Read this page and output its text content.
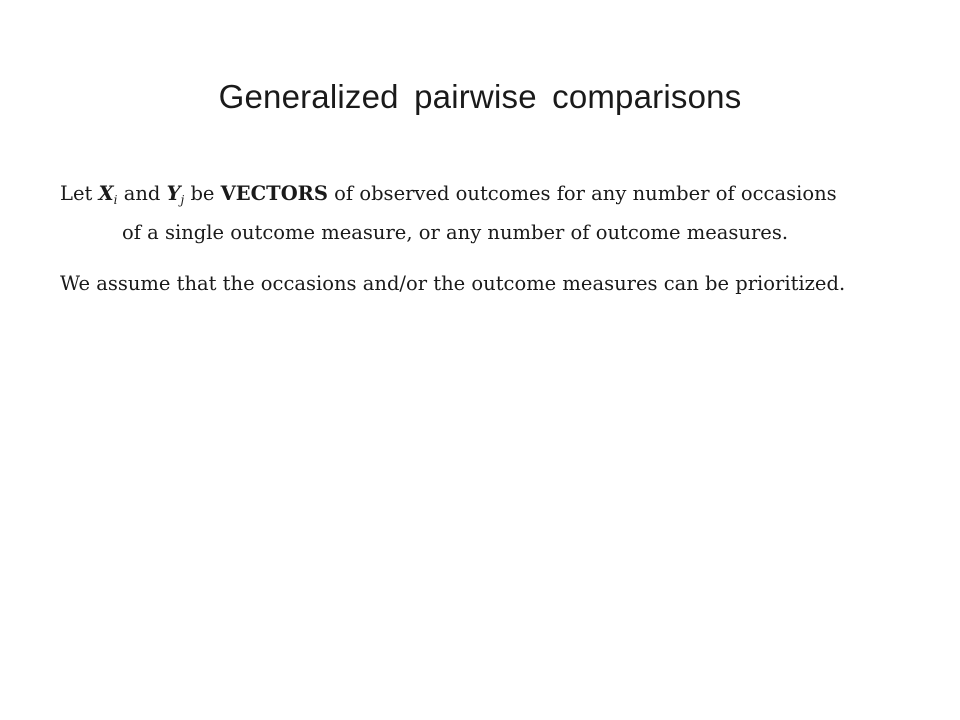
Generalized pairwise comparisons

Let $X_i$ and $Y_j$ be VECTORS of observed outcomes for any number of occasions of a single outcome measure, or any number of outcome measures.

We assume that the occasions and/or the outcome measures can be prioritized.
